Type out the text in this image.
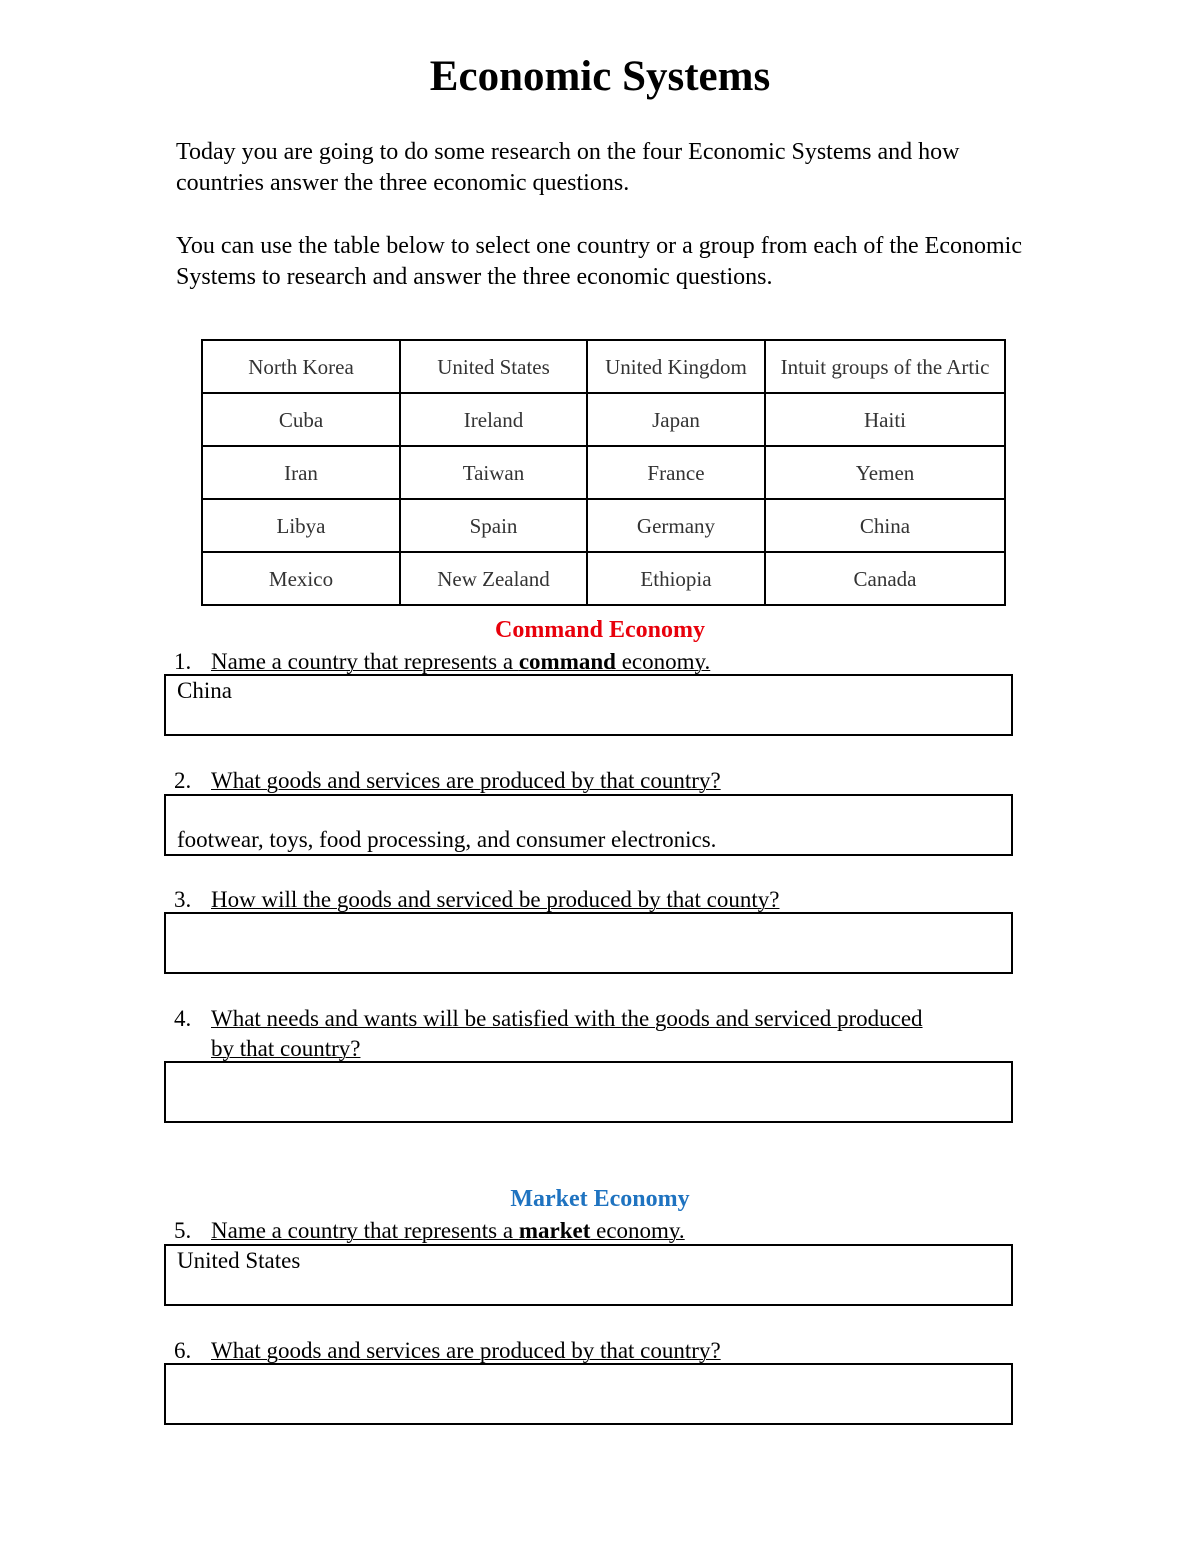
Economic Systems
Today you are going to do some research on the four Economic Systems and how countries answer the three economic questions.
You can use the table below to select one country or a group from each of the Economic Systems to research and answer the three economic questions.
North Korea	United States	United Kingdom	Intuit groups of the Artic
Cuba	Ireland	Japan	Haiti
Iran	Taiwan	France	Yemen
Libya	Spain	Germany	China
Mexico	New Zealand	Ethiopia	Canada
Command Economy
1. Name a country that represents a command economy.
China
2. What goods and services are produced by that country?
footwear, toys, food processing, and consumer electronics.
3. How will the goods and serviced be produced by that county?
4. What needs and wants will be satisfied with the goods and serviced produced
by that country?
Market Economy
5. Name a country that represents a market economy.
United States
6. What goods and services are produced by that country?
